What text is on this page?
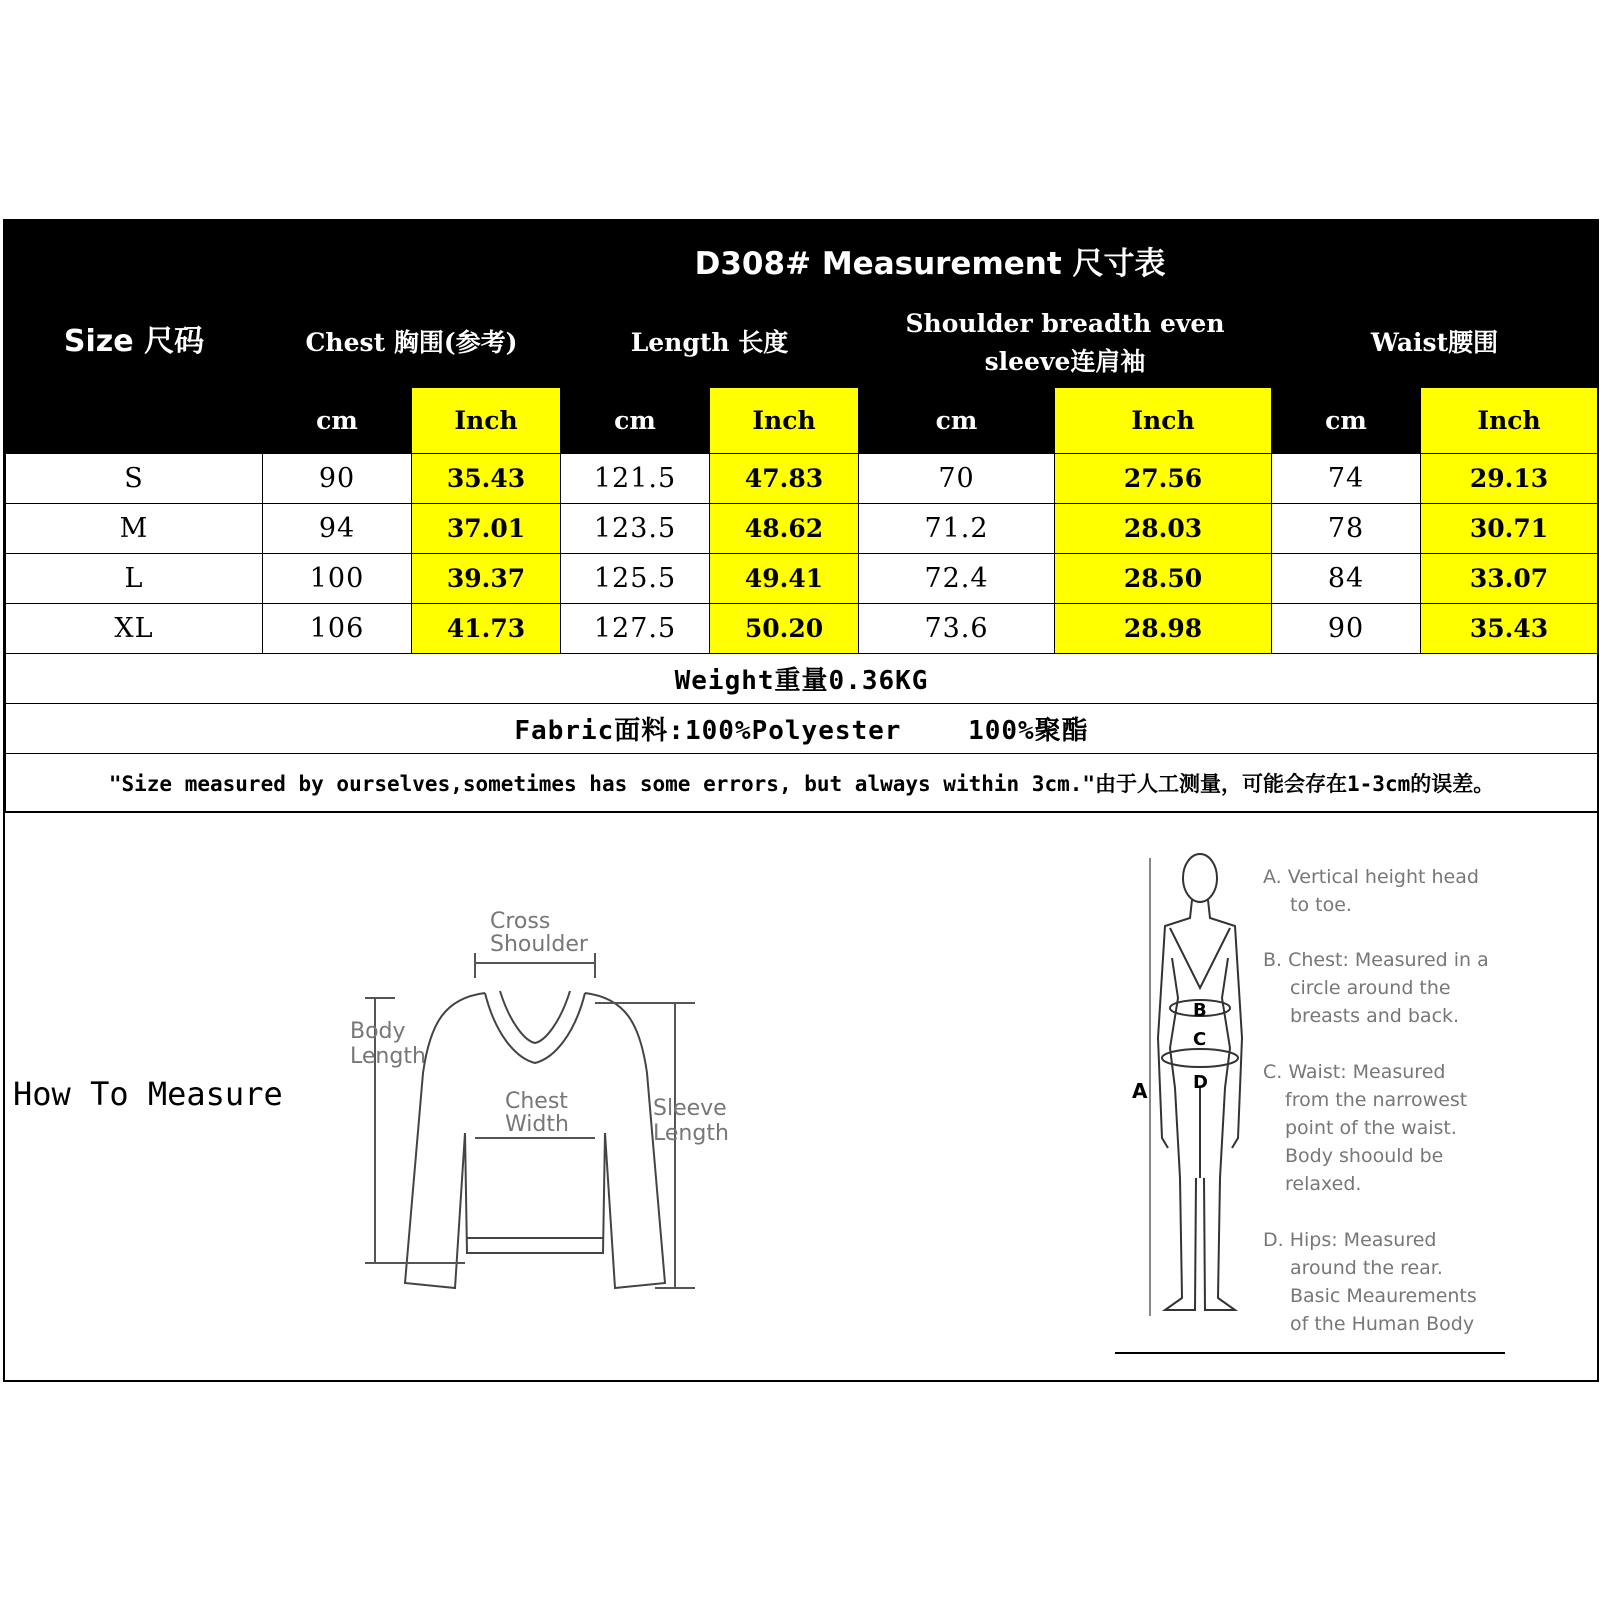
Size 尺码	D308# Measurement 尺寸表							
	Chest 胸围(参考)		Length 长度		Shoulder breadth even sleeve连肩袖		Waist腰围	
	cm	Inch	cm	Inch	cm	Inch	cm	Inch
S	90	35.43	121.5	47.83	70	27.56	74	29.13
M	94	37.01	123.5	48.62	71.2	28.03	78	30.71
L	100	39.37	125.5	49.41	72.4	28.50	84	33.07
XL	106	41.73	127.5	50.20	73.6	28.98	90	35.43
Weight重量0.36KG								
Fabric面料:100%Polyester    100%聚酯								
"Size measured by ourselves,sometimes has some errors, but always within 3cm."由于人工测量，可能会存在1-3cm的误差。								
How To Measure
Cross
Shoulder
Body
Length
Chest
Width
Sleeve
Length
A
B
C
D
A. Vertical height head
to toe.
B. Chest: Measured in a
circle around the
breasts and back.
C. Waist: Measured
from the narrowest
point of the waist.
Body shoould be
relaxed.
D. Hips: Measured
around the rear.
Basic Meaurements
of the Human Body
